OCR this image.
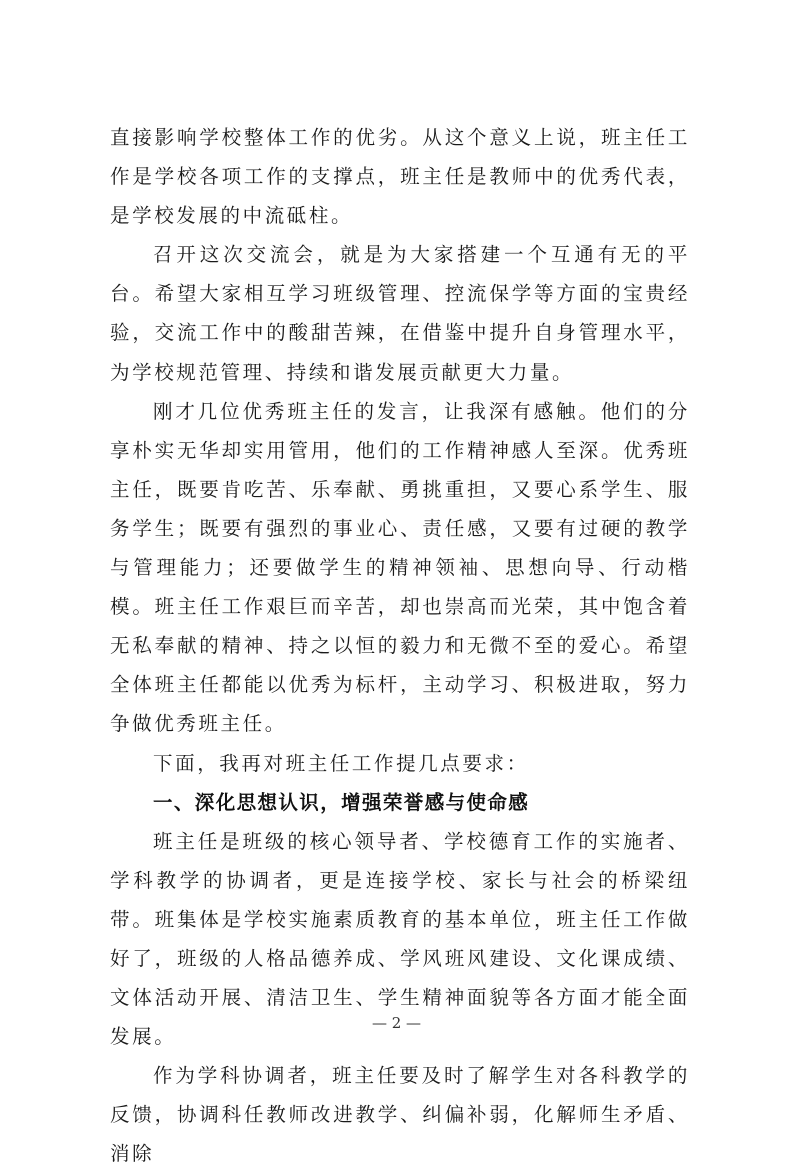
直接影响学校整体工作的优劣。从这个意义上说，班主任工作是学校各项工作的支撑点，班主任是教师中的优秀代表，是学校发展的中流砥柱。

召开这次交流会，就是为大家搭建一个互通有无的平台。希望大家相互学习班级管理、控流保学等方面的宝贵经验，交流工作中的酸甜苦辣，在借鉴中提升自身管理水平，为学校规范管理、持续和谐发展贡献更大力量。

刚才几位优秀班主任的发言，让我深有感触。他们的分享朴实无华却实用管用，他们的工作精神感人至深。优秀班主任，既要肯吃苦、乐奉献、勇挑重担，又要心系学生、服务学生；既要有强烈的事业心、责任感，又要有过硬的教学与管理能力；还要做学生的精神领袖、思想向导、行动楷模。班主任工作艰巨而辛苦，却也崇高而光荣，其中饱含着无私奉献的精神、持之以恒的毅力和无微不至的爱心。希望全体班主任都能以优秀为标杆，主动学习、积极进取，努力争做优秀班主任。

下面，我再对班主任工作提几点要求：

一、深化思想认识，增强荣誉感与使命感

班主任是班级的核心领导者、学校德育工作的实施者、学科教学的协调者，更是连接学校、家长与社会的桥梁纽带。班集体是学校实施素质教育的基本单位，班主任工作做好了，班级的人格品德养成、学风班风建设、文化课成绩、文体活动开展、清洁卫生、学生精神面貌等各方面才能全面发展。

作为学科协调者，班主任要及时了解学生对各科教学的反馈，协调科任教师改进教学、纠偏补弱，化解师生矛盾、消除

— 2 —
